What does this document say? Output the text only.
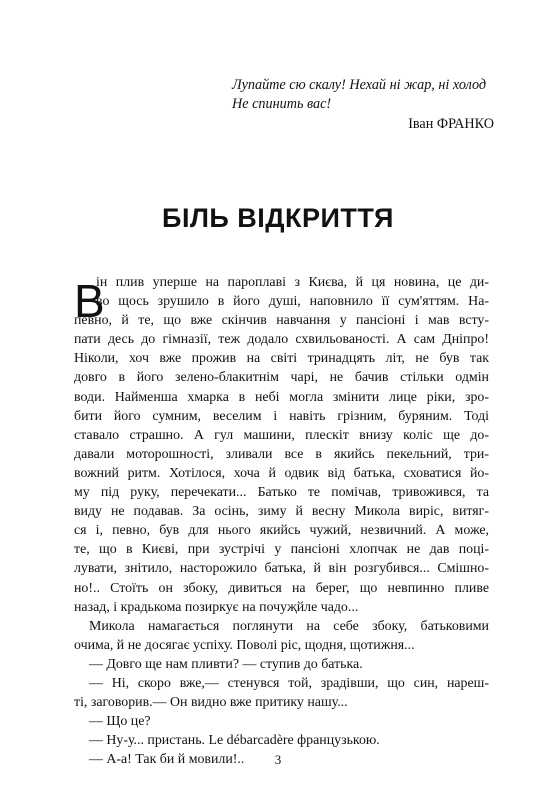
Лупайте сю скалу! Нехай ні жар, ні холод
Не спинить вас!
Іван ФРАНКО
БІЛЬ ВІДКРИТТЯ
В
ін плив уперше на пароплаві з Києва, й ця новина, це ди-
во щось зрушило в його душі, наповнило її сум'яттям. На-
певно, й те, що вже скінчив навчання у пансіоні і мав всту-
пати десь до гімназії, теж додало схвильованості. А сам Дніпро!
Ніколи, хоч вже прожив на світі тринадцять літ, не був так
довго в його зелено-блакитнім чарі, не бачив стільки одмін
води. Найменша хмарка в небі могла змінити лице ріки, зро-
бити його сумним, веселим і навіть грізним, буряним. Тоді
ставало страшно. А гул машини, плескіт внизу коліс ще до-
давали моторошності, зливали все в якийсь пекельний, три-
вожний ритм. Хотілося, хоча й одвик від батька, сховатися йо-
му під руку, перечекати... Батько те помічав, тривожився, та
виду не подавав. За осінь, зиму й весну Микола виріс, витяг-
ся і, певно, був для нього якийсь чужий, незвичний. А може,
те, що в Києві, при зустрічі у пансіоні хлопчак не дав поці-
лувати, знітило, насторожило батька, й він розгубився... Смішно-
но!.. Стоїть он збоку, дивиться на берег, що невпинно пливе
назад, і крадькома позиркує на почуҗйле чадо...
Микола намагається поглянути на себе збоку, батьковими
очима, й не досягає успіху. Поволі ріс, щодня, щотижня...
— Довго ще нам пливти? — ступив до батька.
— Ні, скоро вже,— стенувся той, зрадівши, що син, нареш-
ті, заговорив.— Он видно вже притику нашу...
— Що це?
— Ну-у... пристань. Le débarcadère французькою.
— А-а! Так би й мовили!..	3
